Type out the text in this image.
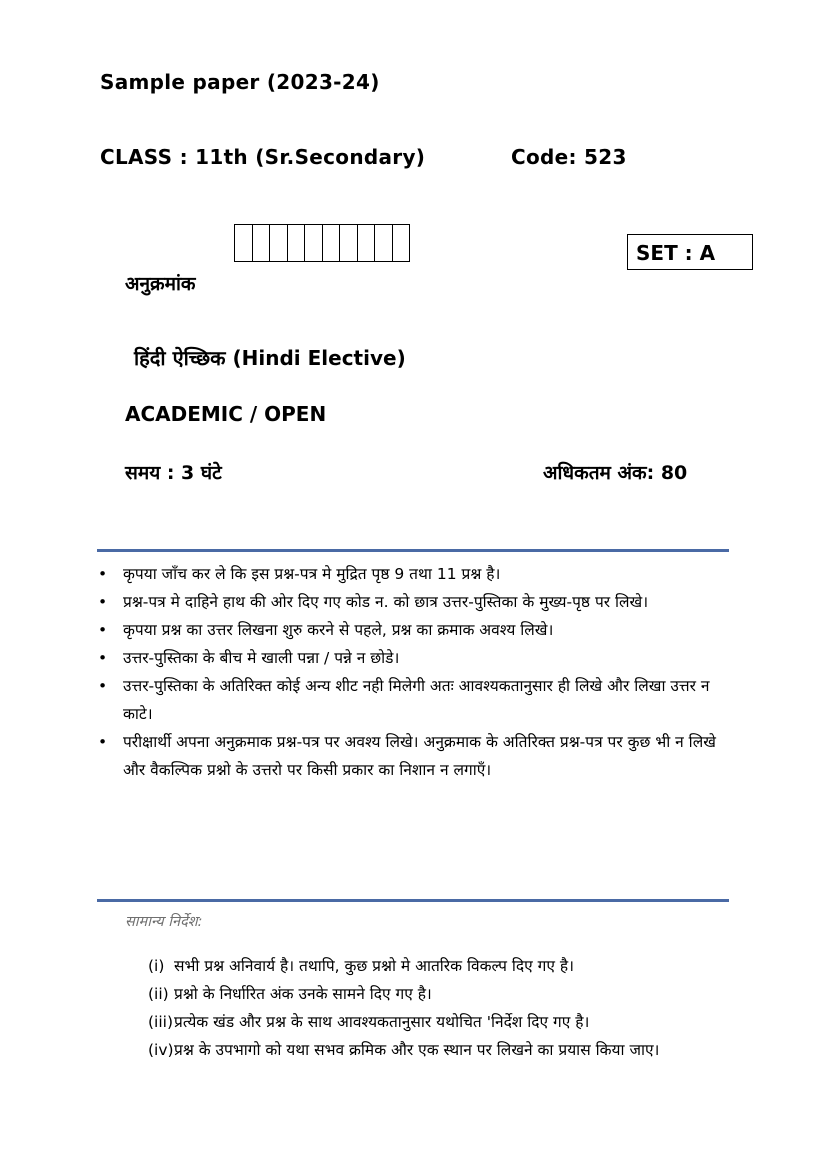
Sample paper (2023-24)
CLASS : 11th (Sr.Secondary)	Code: 523
SET : A
अनुक्रमांक
हिंदी ऐच्छिक (Hindi Elective)
ACADEMIC / OPEN
समय : 3 घंटे	अधिकतम अंक: 80
• कृपया जाँच कर ले कि इस प्रश्न-पत्र मे मुद्रित पृष्ठ 9 तथा 11 प्रश्न है।
• प्रश्न-पत्र मे दाहिने हाथ की ओर दिए गए कोड न. को छात्र उत्तर-पुस्तिका के मुख्य-पृष्ठ पर लिखे।
• कृपया प्रश्न का उत्तर लिखना शुरु करने से पहले, प्रश्न का क्रमाक अवश्य लिखे।
• उत्तर-पुस्तिका के बीच मे खाली पन्ना / पन्ने न छोडे।
• उत्तर-पुस्तिका के अतिरिक्त कोई अन्य शीट नही मिलेगी अतः आवश्यकतानुसार ही लिखे और लिखा उत्तर न काटे।
• परीक्षार्थी अपना अनुक्रमाक प्रश्न-पत्र पर अवश्य लिखे। अनुक्रमाक के अतिरिक्त प्रश्न-पत्र पर कुछ भी न लिखे और वैकल्पिक प्रश्नो के उत्तरो पर किसी प्रकार का निशान न लगाएँ।
सामान्य निर्देश:
(i) सभी प्रश्न अनिवार्य है। तथापि, कुछ प्रश्नो मे आतरिक विकल्प दिए गए है।
(ii) प्रश्नो के निर्धारित अंक उनके सामने दिए गए है।
(iii) प्रत्येक खंड और प्रश्न के साथ आवश्यकतानुसार यथोचित 'निर्देश दिए गए है।
(iv) प्रश्न के उपभागो को यथा सभव क्रमिक और एक स्थान पर लिखने का प्रयास किया जाए।
